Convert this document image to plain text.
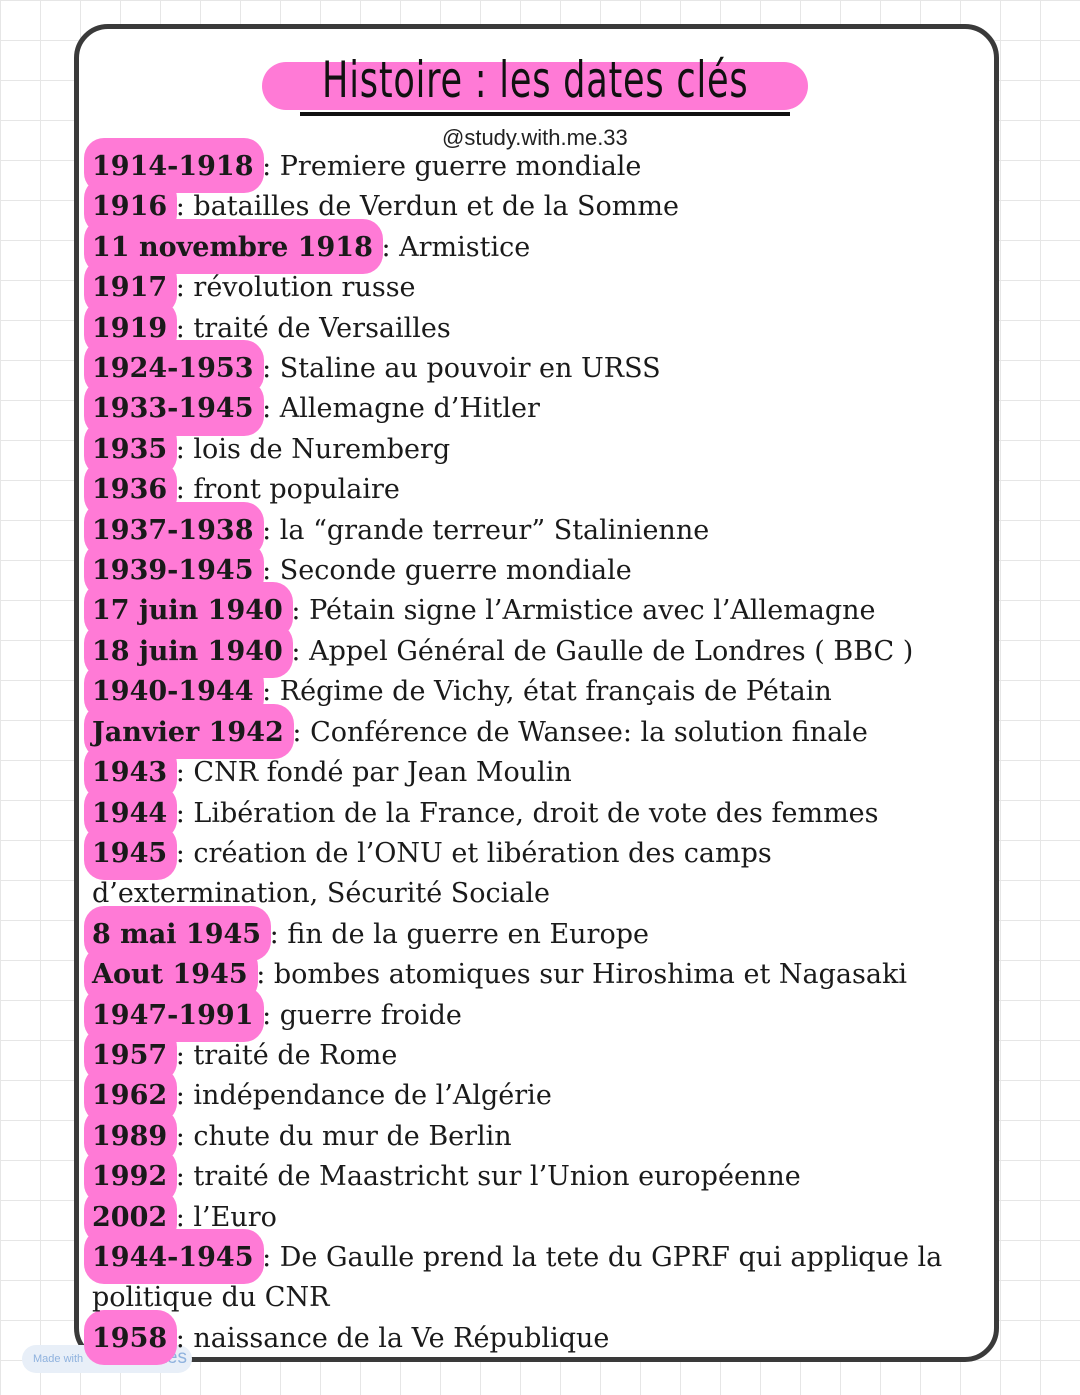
Histoire : les dates clés
@study.with.me.33
1914-1918 : Premiere guerre mondiale
1916 : batailles de Verdun et de la Somme
11 novembre 1918 : Armistice
1917 : révolution russe
1919 : traité de Versailles
1924-1953 : Staline au pouvoir en URSS
1933-1945 : Allemagne d’Hitler
1935 : lois de Nuremberg
1936 : front populaire
1937-1938 : la “grande terreur” Stalinienne
1939-1945 : Seconde guerre mondiale
17 juin 1940 : Pétain signe l’Armistice avec l’Allemagne
18 juin 1940 : Appel Général de Gaulle de Londres ( BBC )
1940-1944 : Régime de Vichy, état français de Pétain
Janvier 1942 : Conférence de Wansee: la solution finale
1943 : CNR fondé par Jean Moulin
1944 : Libération de la France, droit de vote des femmes
1945 : création de l’ONU et libération des camps d’extermination, Sécurité Sociale
8 mai 1945 : fin de la guerre en Europe
Aout 1945 : bombes atomiques sur Hiroshima et Nagasaki
1947-1991 : guerre froide
1957 : traité de Rome
1962 : indépendance de l’Algérie
1989 : chute du mur de Berlin
1992 : traité de Maastricht sur l’Union européenne
2002 : l’Euro
1944-1945 : De Gaulle prend la tete du GPRF qui applique la politique du CNR
1958 : naissance de la Ve République
Made with Goodnotes
